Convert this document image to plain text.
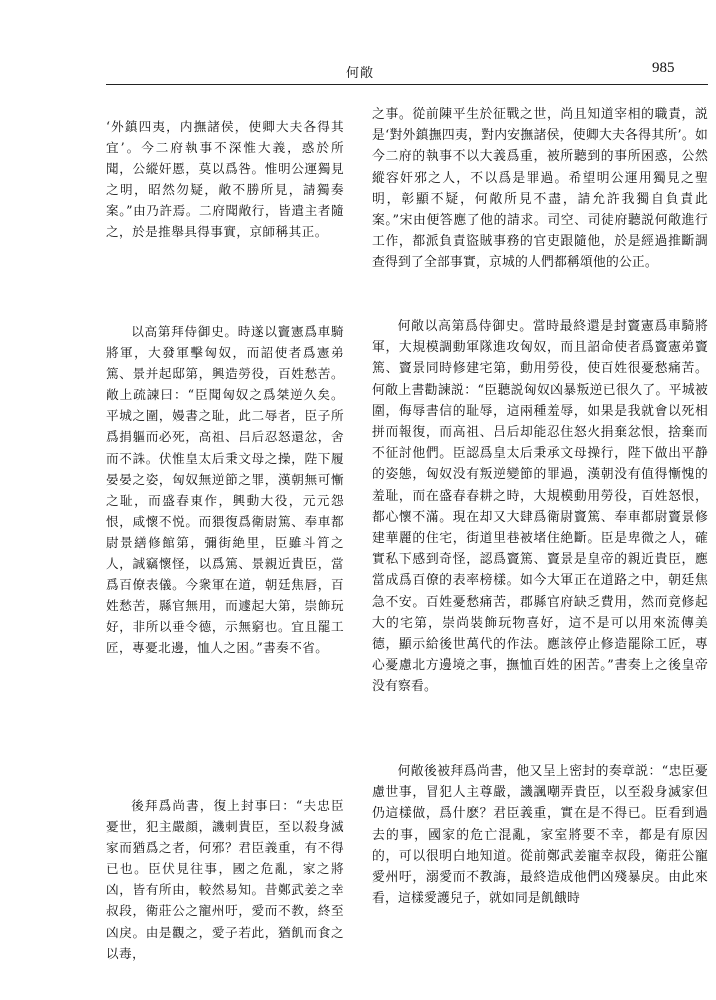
何敞	985

‘外鎮四夷，内撫諸侯，使卿大夫各得其宜’。今二府執事不深惟大義，惑於所聞，公縱奸慝，莫以爲咎。惟明公運獨見之明，昭然勿疑，敞不勝所見，請獨奏案。”由乃許焉。二府聞敞行，皆遣主者隨之，於是推舉具得事實，京師稱其正。

以高第拜侍御史。時遂以竇憲爲車騎將軍，大發軍擊匈奴，而詔使者爲憲弟篤、景并起邸第，興造勞役，百姓愁苦。敞上疏諫曰：“臣聞匈奴之爲桀逆久矣。平城之圍，嫚書之耻，此二辱者，臣子所爲捐軀而必死，高祖、吕后忍怒還忿，舍而不誅。伏惟皇太后秉文母之操，陛下履晏晏之姿，匈奴無逆節之罪，漢朝無可慚之耻，而盛春東作，興動大役，元元怨恨，咸懷不悦。而猥復爲衛尉篤、奉車都尉景繕修館第，彌街絶里，臣雖斗筲之人，誠竊懷怪，以爲篤、景親近貴臣，當爲百僚表儀。今衆軍在道，朝廷焦唇，百姓愁苦，縣官無用，而遽起大第，崇飾玩好，非所以垂令德，示無窮也。宜且罷工匠，專憂北邊，恤人之困。”書奏不省。

後拜爲尚書，復上封事曰：“夫忠臣憂世，犯主嚴顔，譏刺貴臣，至以殺身滅家而猶爲之者，何邪？君臣義重，有不得已也。臣伏見往事，國之危亂，家之將凶，皆有所由，較然易知。昔鄭武姜之幸叔段，衛莊公之寵州吁，愛而不教，終至凶戾。由是觀之，愛子若此，猶飢而食之以毒，

之事。從前陳平生於征戰之世，尚且知道宰相的職責，説是‘對外鎮撫四夷，對内安撫諸侯，使卿大夫各得其所’。如今二府的執事不以大義爲重，被所聽到的事所困惑，公然縱容奸邪之人，不以爲是罪過。希望明公運用獨見之聖明，彰顯不疑，何敞所見不盡，請允許我獨自負責此案。”宋由便答應了他的請求。司空、司徒府聽説何敞進行工作，都派負責盜賊事務的官吏跟隨他，於是經過推斷調查得到了全部事實，京城的人們都稱頌他的公正。

何敞以高第爲侍御史。當時最終還是封竇憲爲車騎將軍，大規模調動軍隊進攻匈奴，而且詔命使者爲竇憲弟竇篤、竇景同時修建宅第，動用勞役，使百姓很憂愁痛苦。何敞上書勸諫説：“臣聽説匈奴凶暴叛逆已很久了。平城被圍，侮辱書信的耻辱，這兩種羞辱，如果是我就會以死相拼而報復，而高祖、吕后却能忍住怒火捐棄忿恨，捨棄而不征討他們。臣認爲皇太后秉承文母操行，陛下做出平静的姿態，匈奴没有叛逆變節的罪過，漢朝没有值得慚愧的羞耻，而在盛春春耕之時，大規模動用勞役，百姓怒恨，都心懷不滿。現在却又大肆爲衛尉竇篤、奉車都尉竇景修建華麗的住宅，街道里巷被堵住絶斷。臣是卑微之人，確實私下感到奇怪，認爲竇篤、竇景是皇帝的親近貴臣，應當成爲百僚的表率榜樣。如今大軍正在道路之中，朝廷焦急不安。百姓憂愁痛苦，郡縣官府缺乏費用，然而竟修起大的宅第，崇尚裝飾玩物喜好，這不是可以用來流傳美德，顯示給後世萬代的作法。應該停止修造罷除工匠，專心憂慮北方邊境之事，撫恤百姓的困苦。”書奏上之後皇帝没有察看。

何敞後被拜爲尚書，他又呈上密封的奏章説：“忠臣憂慮世事，冒犯人主尊嚴，譏諷嘲弄貴臣，以至殺身滅家但仍這樣做，爲什麽？君臣義重，實在是不得已。臣看到過去的事，國家的危亡混亂，家室將要不幸，都是有原因的，可以很明白地知道。從前鄭武姜寵幸叔段，衛莊公寵愛州吁，溺愛而不教誨，最終造成他們凶殘暴戾。由此來看，這樣愛護兒子，就如同是飢餓時
